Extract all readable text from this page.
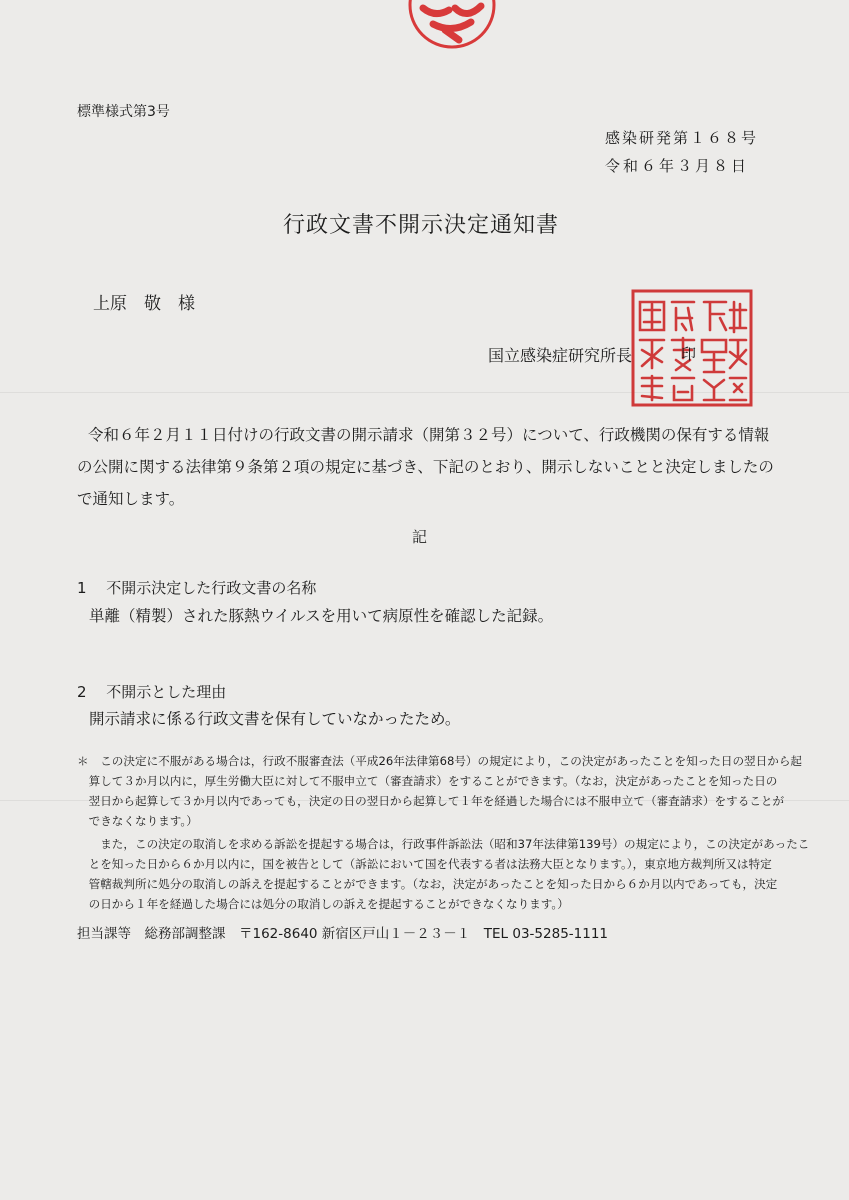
標準様式第3号
感染研発第１６８号
令和６年３月８日
行政文書不開示決定通知書
上原　敬　様
国立感染症研究所長	印
令和６年２月１１日付けの行政文書の開示請求（開第３２号）について、行政機関の保有する情報
の公開に関する法律第９条第２項の規定に基づき、下記のとおり、開示しないことと決定しましたの
で通知します。
記
1　 不開示決定した行政文書の名称
単離（精製）された豚熱ウイルスを用いて病原性を確認した記録。
2　 不開示とした理由
開示請求に係る行政文書を保有していなかったため。
＊　この決定に不服がある場合は，行政不服審査法（平成26年法律第68号）の規定により，この決定があったことを知った日の翌日から起
　算して３か月以内に，厚生労働大臣に対して不服申立て（審査請求）をすることができます。（なお，決定があったことを知った日の
　翌日から起算して３か月以内であっても，決定の日の翌日から起算して１年を経過した場合には不服申立て（審査請求）をすることが
　できなくなります。）
　　また，この決定の取消しを求める訴訟を提起する場合は，行政事件訴訟法（昭和37年法律第139号）の規定により，この決定があったこ
　とを知った日から６か月以内に，国を被告として（訴訟において国を代表する者は法務大臣となります。），東京地方裁判所又は特定
　管轄裁判所に処分の取消しの訴えを提起することができます。（なお，決定があったことを知った日から６か月以内であっても，決定
　の日から１年を経過した場合には処分の取消しの訴えを提起することができなくなります。）
担当課等　総務部調整課　〒162-8640 新宿区戸山１－２３－１　TEL 03-5285-1111
